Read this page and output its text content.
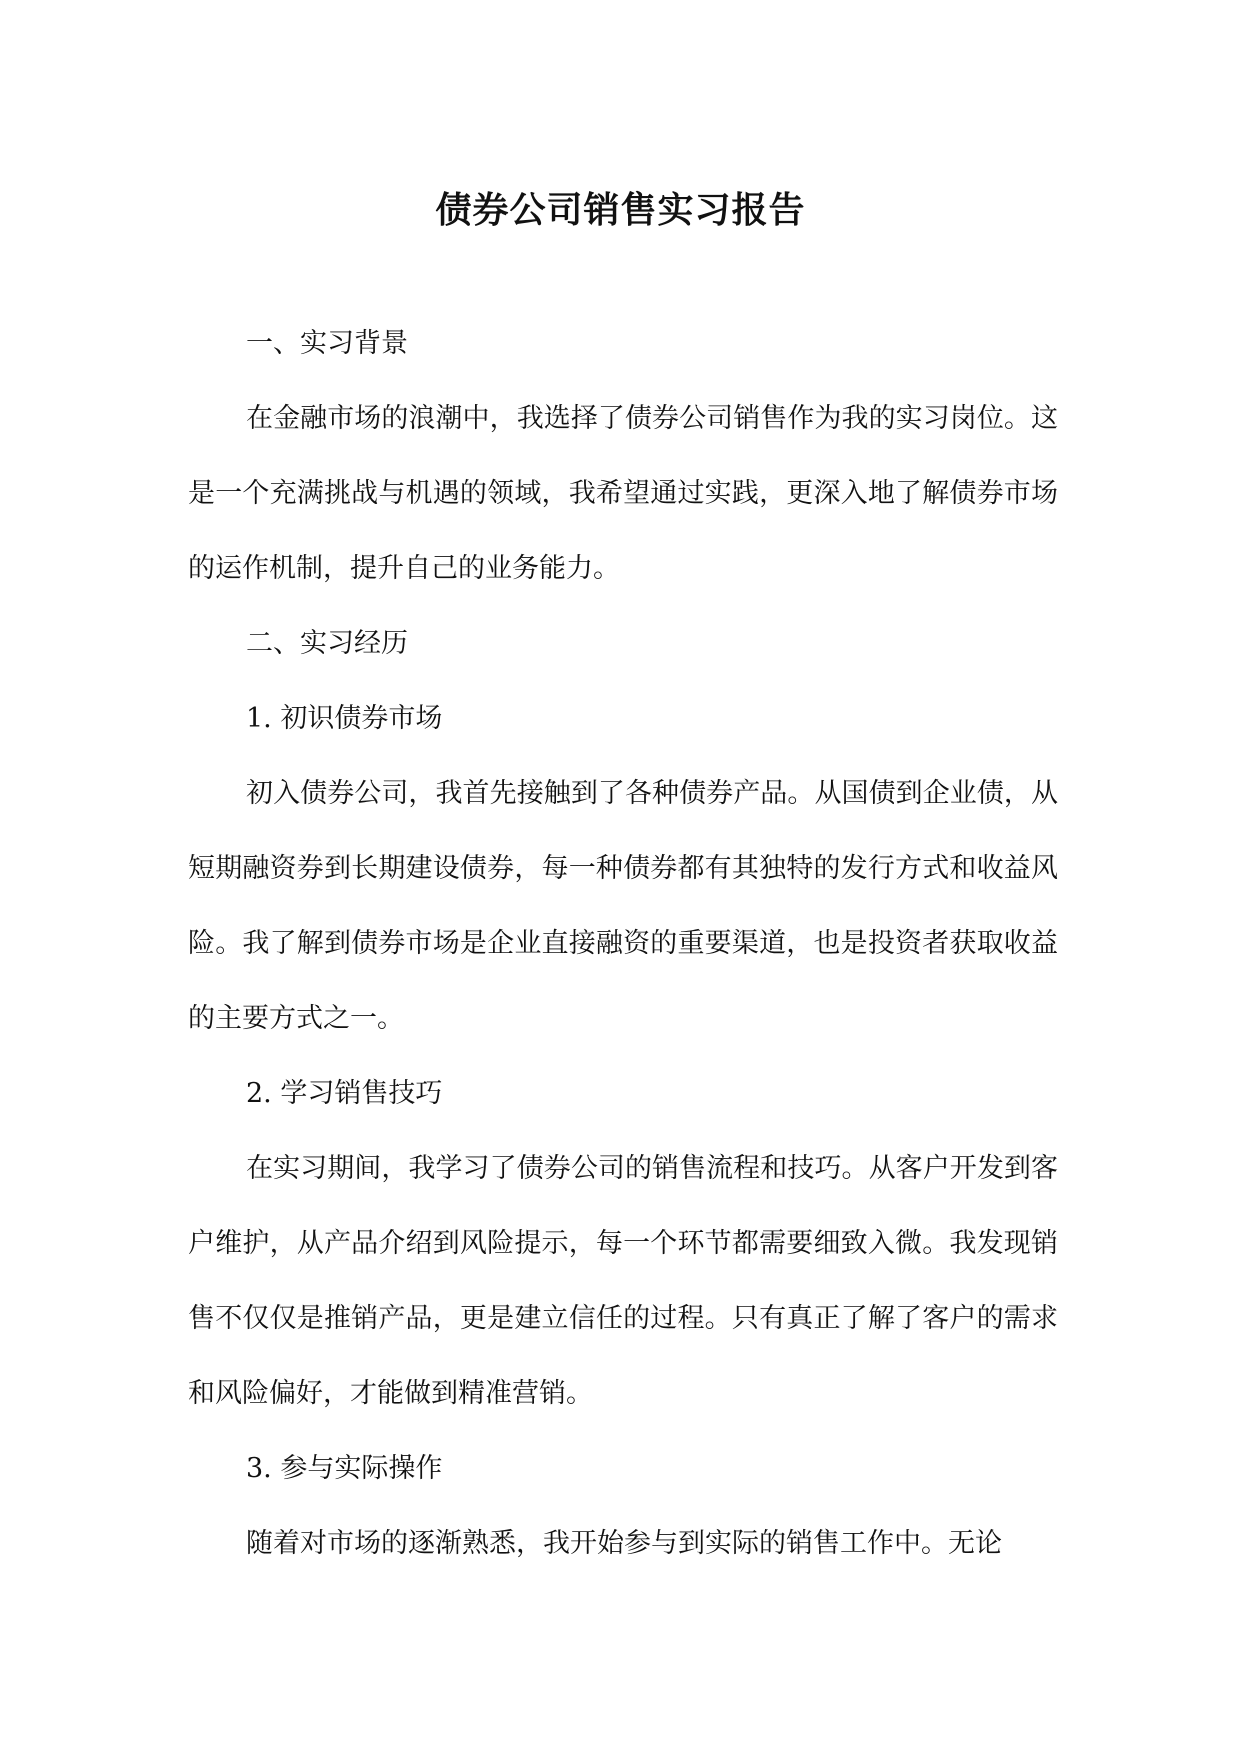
债券公司销售实习报告

一、实习背景

在金融市场的浪潮中，我选择了债券公司销售作为我的实习岗位。这是一个充满挑战与机遇的领域，我希望通过实践，更深入地了解债券市场的运作机制，提升自己的业务能力。

二、实习经历

1. 初识债券市场

初入债券公司，我首先接触到了各种债券产品。从国债到企业债，从短期融资券到长期建设债券，每一种债券都有其独特的发行方式和收益风险。我了解到债券市场是企业直接融资的重要渠道，也是投资者获取收益的主要方式之一。

2. 学习销售技巧

在实习期间，我学习了债券公司的销售流程和技巧。从客户开发到客户维护，从产品介绍到风险提示，每一个环节都需要细致入微。我发现销售不仅仅是推销产品，更是建立信任的过程。只有真正了解了客户的需求和风险偏好，才能做到精准营销。

3. 参与实际操作

随着对市场的逐渐熟悉，我开始参与到实际的销售工作中。无论
